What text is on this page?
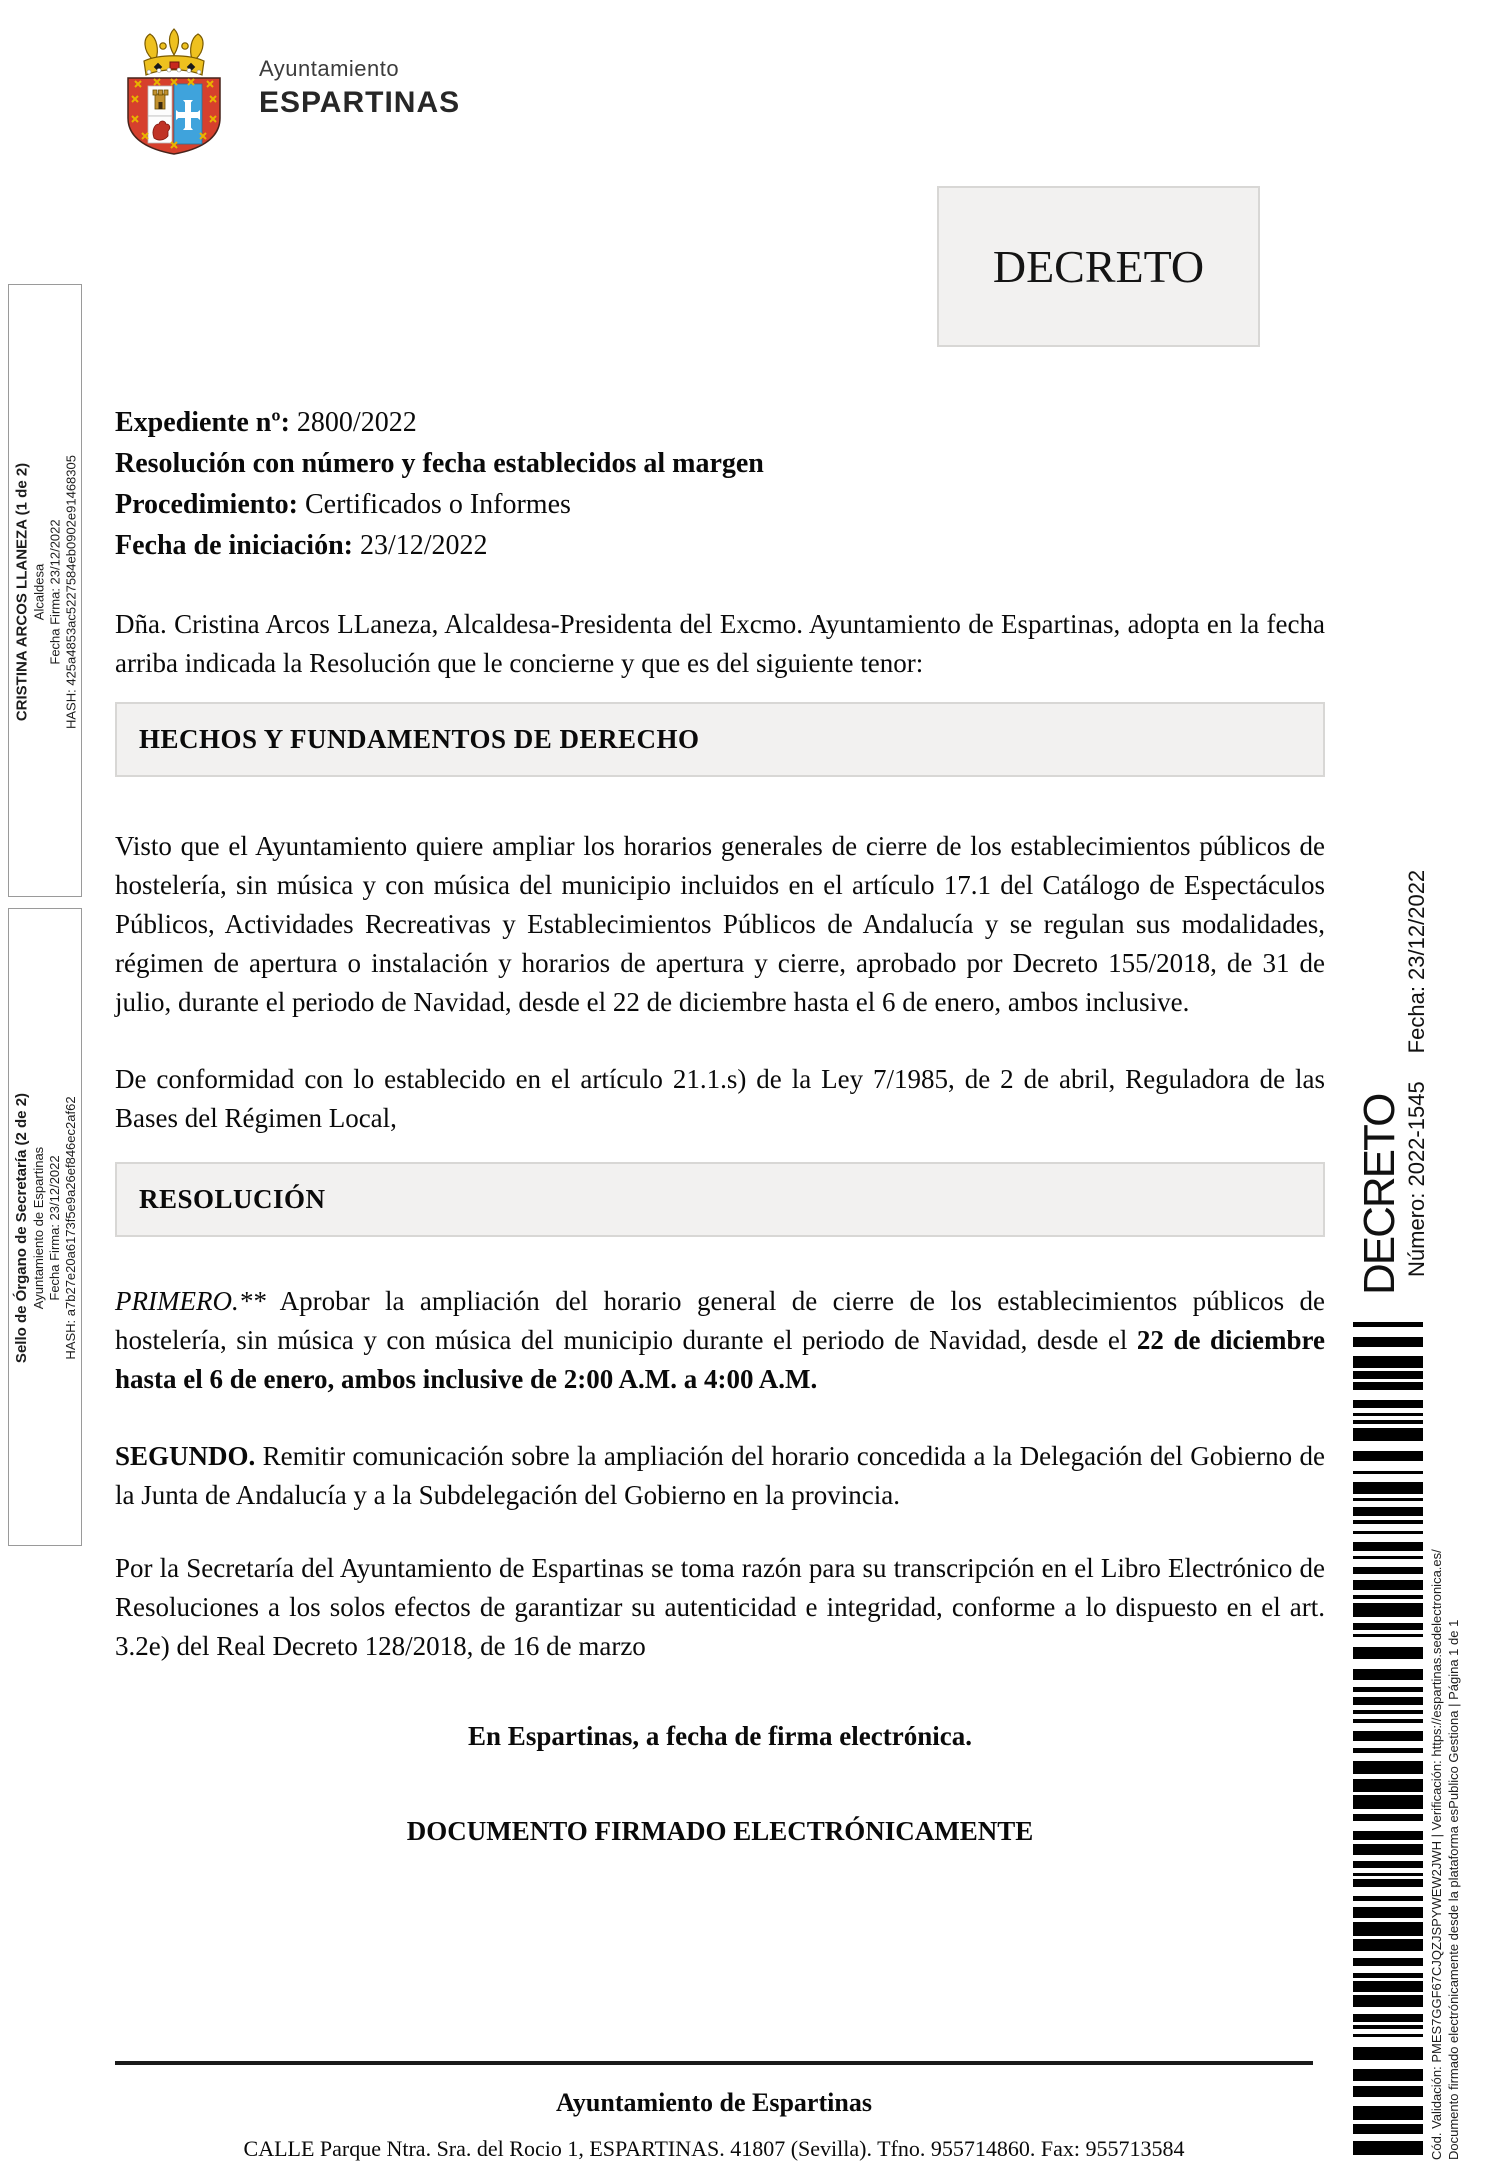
Ayuntamiento
ESPARTINAS
DECRETO
CRISTINA ARCOS LLANEZA (1 de 2) Alcaldesa Fecha Firma: 23/12/2022 HASH: 425a4853ac5227584eb0902e91468305
Sello de Órgano de Secretaría (2 de 2) Ayuntamiento de Espartinas Fecha Firma: 23/12/2022 HASH: a7b27e20a6173f5e9a26ef846ec2af62
Expediente nº: 2800/2022
Resolución con número y fecha establecidos al margen
Procedimiento: Certificados o Informes
Fecha de iniciación: 23/12/2022

Dña. Cristina Arcos LLaneza, Alcaldesa-Presidenta del Excmo. Ayuntamiento de Espartinas, adopta en la fecha arriba indicada la Resolución que le concierne y que es del siguiente tenor:

HECHOS Y FUNDAMENTOS DE DERECHO

Visto que el Ayuntamiento quiere ampliar los horarios generales de cierre de los establecimientos públicos de hostelería, sin música y con música del municipio incluidos en el artículo 17.1 del Catálogo de Espectáculos Públicos, Actividades Recreativas y Establecimientos Públicos de Andalucía y se regulan sus modalidades, régimen de apertura o instalación y horarios de apertura y cierre, aprobado por Decreto 155/2018, de 31 de julio, durante el periodo de Navidad, desde el 22 de diciembre hasta el 6 de enero, ambos inclusive.

De conformidad con lo establecido en el artículo 21.1.s) de la Ley 7/1985, de 2 de abril, Reguladora de las Bases del Régimen Local,

RESOLUCIÓN

PRIMERO.** Aprobar la ampliación del horario general de cierre de los establecimientos públicos de hostelería, sin música y con música del municipio durante el periodo de Navidad, desde el 22 de diciembre hasta el 6 de enero, ambos inclusive de 2:00 A.M. a 4:00 A.M.

SEGUNDO. Remitir comunicación sobre la ampliación del horario concedida a la Delegación del Gobierno de la Junta de Andalucía y a la Subdelegación del Gobierno en la provincia.

Por la Secretaría del Ayuntamiento de Espartinas se toma razón para su transcripción en el Libro Electrónico de Resoluciones a los solos efectos de garantizar su autenticidad e integridad, conforme a lo dispuesto en el art. 3.2e) del Real Decreto 128/2018, de 16 de marzo

En Espartinas, a fecha de firma electrónica.
DOCUMENTO FIRMADO ELECTRÓNICAMENTE
DECRETO Número: 2022-1545Fecha: 23/12/2022
Cód. Validación: PMES7GGF67CJQZJSPYWEW2JWH | Verificación: https://espartinas.sedelectronica.es/ Documento firmado electrónicamente desde la plataforma esPublico Gestiona | Página 1 de 1
Ayuntamiento de Espartinas
CALLE Parque Ntra. Sra. del Rocio 1, ESPARTINAS. 41807 (Sevilla). Tfno. 955714860. Fax: 955713584
